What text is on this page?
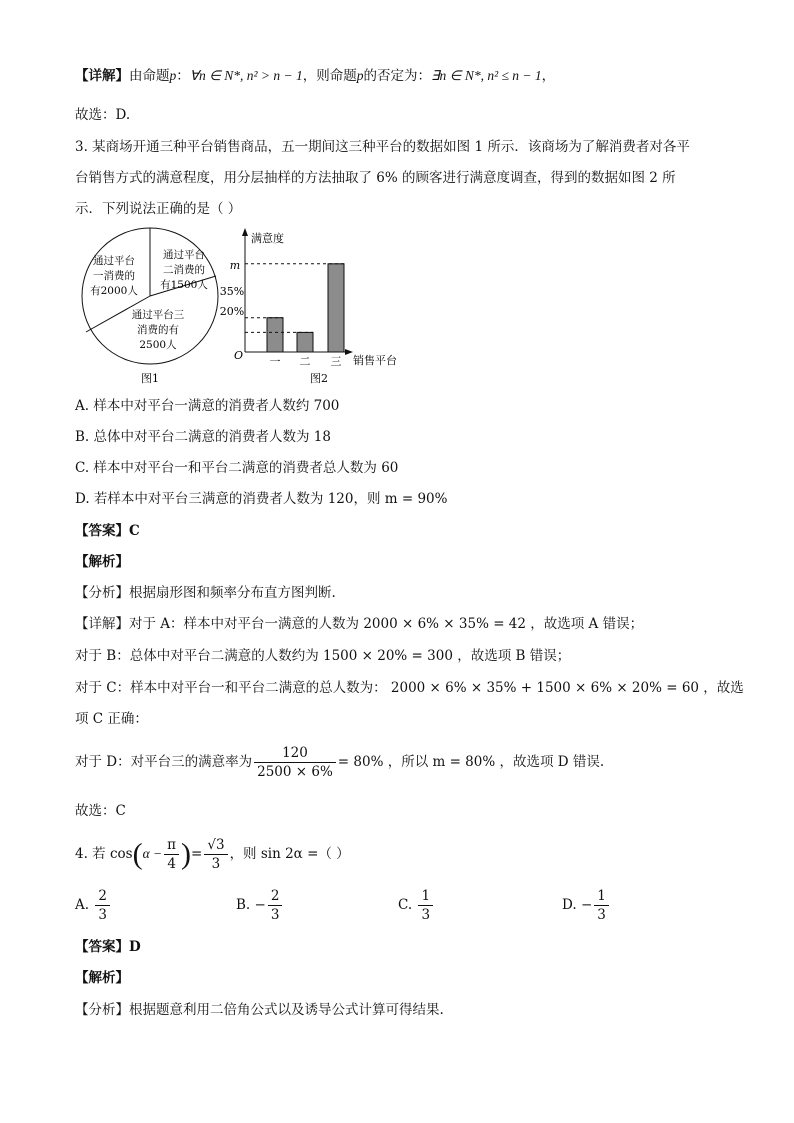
【详解】由命题p：∀n ∈ N*, n² > n − 1，则命题p的否定为：∃n ∈ N*, n² ≤ n − 1，
故选：D.
3. 某商场开通三种平台销售商品，五一期间这三种平台的数据如图 1 所示．该商场为了解消费者对各平
台销售方式的满意程度，用分层抽样的方法抽取了 6% 的顾客进行满意度调查，得到的数据如图 2 所
示．下列说法正确的是（ ）
通过平台
一消费的
有2000人
通过平台
二消费的
有1500人
通过平台三
消费的有
2500人
图1
满意度
销售平台
O
m
35%
20%
一 二 三
图2
A. 样本中对平台一满意的消费者人数约 700
B. 总体中对平台二满意的消费者人数为 18
C. 样本中对平台一和平台二满意的消费者总人数为 60
D. 若样本中对平台三满意的消费者人数为 120，则 m = 90%
【答案】C
【解析】
【分析】根据扇形图和频率分布直方图判断.
【详解】对于 A：样本中对平台一满意的人数为 2000 × 6% × 35% = 42 ，故选项 A 错误；
对于 B：总体中对平台二满意的人数约为 1500 × 20% = 300 ，故选项 B 错误；
对于 C：样本中对平台一和平台二满意的总人数为： 2000 × 6% × 35% + 1500 × 6% × 20% = 60 ，故选
项 C 正确：
对于 D：对平台三的满意率为 $\frac{120}{2500 \times 6\%} = 80\%$ ，所以 m = 80% ，故选项 D 错误.
故选：C
4. 若 $\cos(\alpha - \frac{\pi}{4}$ )= $\frac{√3}{3}$ ，则 sin 2α =（ ）
A. $\frac{2}{3}$	B. − $\frac{2}{3}$	C. $\frac{1}{3}$	D. − $\frac{1}{3}$
【答案】D
【解析】
【分析】根据题意利用二倍角公式以及诱导公式计算可得结果.
